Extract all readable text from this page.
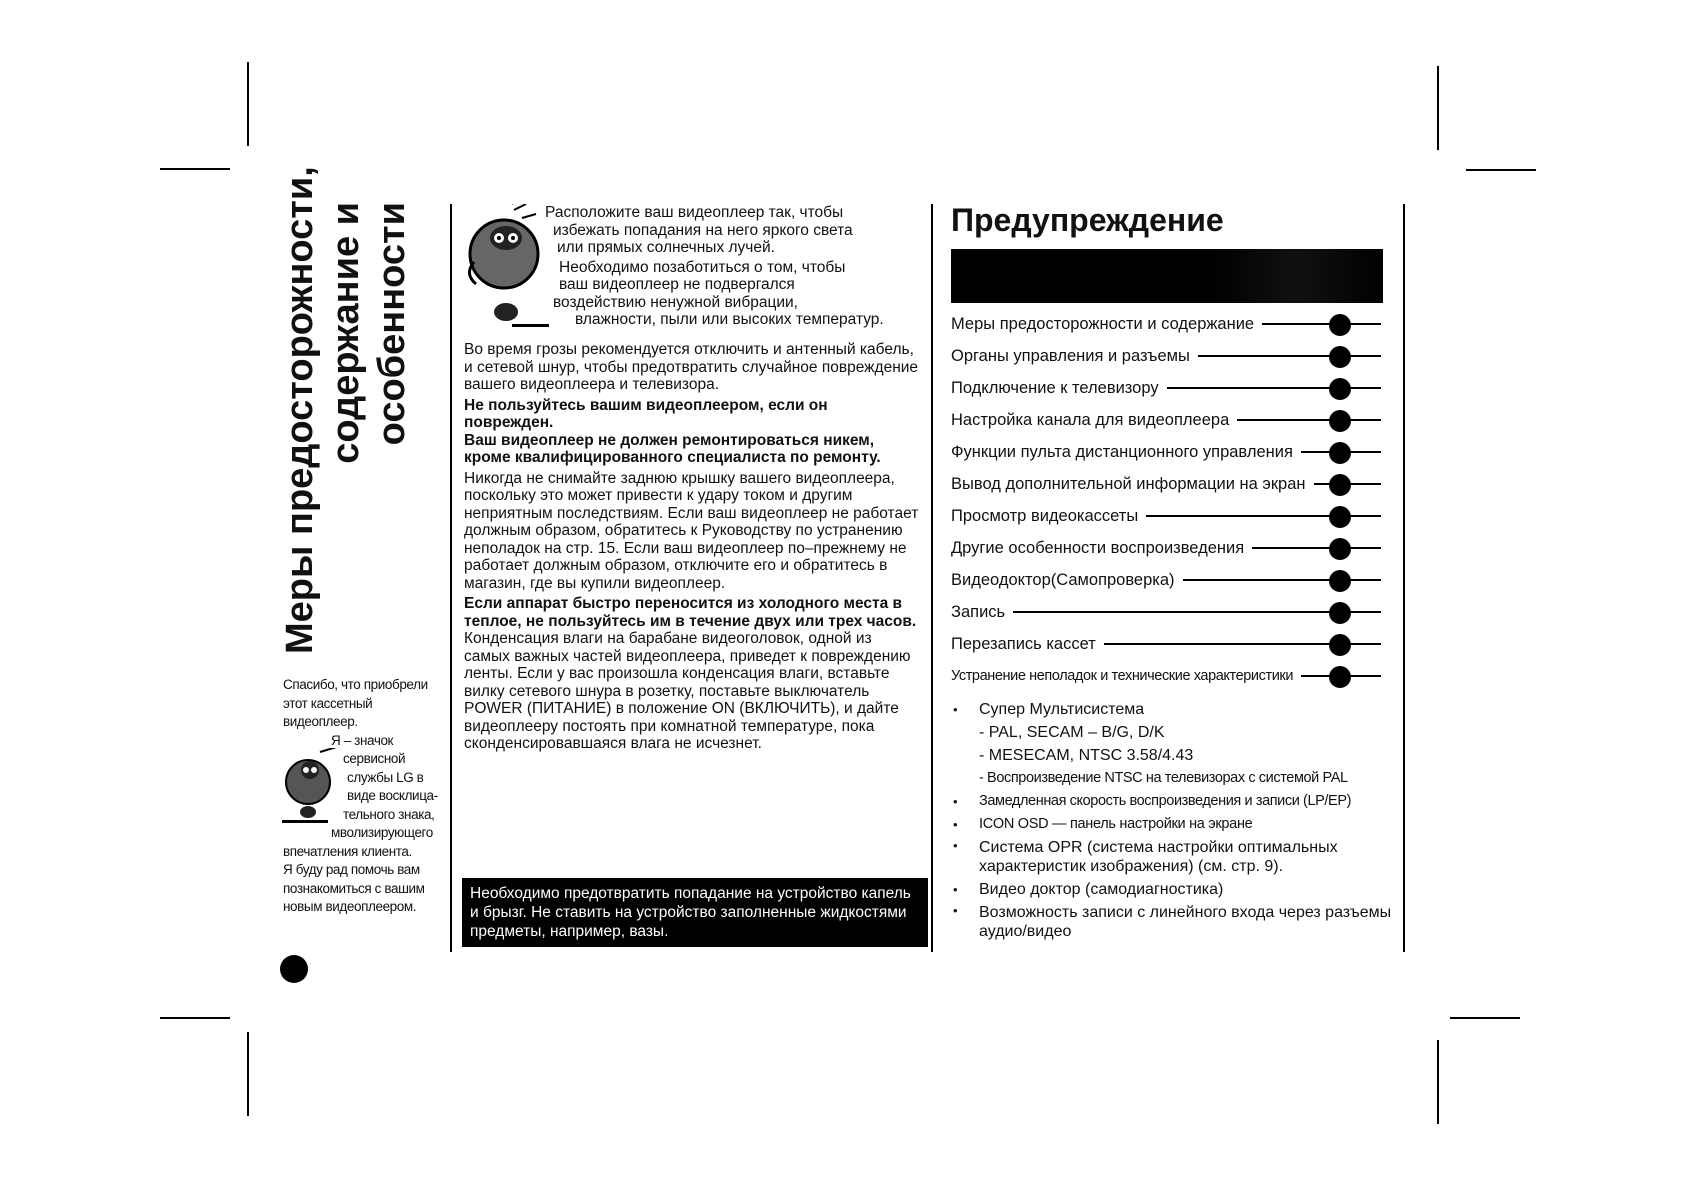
Меры предосторожности, содержание и особенности
Спасибо, что приобрели
этот кассетный
видеоплеер.
Я – значок
сервисной
службы LG в
виде восклица-
тельного знака,
мволизирующего
впечатления клиента.
Я буду рад помочь вам
познакомиться с вашим
новым видеоплеером.
Расположите ваш видеоплеер так, чтобы
избежать попадания на него яркого света
или прямых солнечных лучей.
Необходимо позаботиться о том, чтобы
ваш видеоплеер не подвергался
воздействию ненужной вибрации,
влажности, пыли или высоких температур.

Во время грозы рекомендуется отключить и антенный кабель, и сетевой шнур, чтобы предотвратить случайное повреждение вашего видеоплеера и телевизора.

Не пользуйтесь вашим видеоплеером, если он поврежден.

Ваш видеоплеер не должен ремонтироваться никем, кроме квалифицированного специалиста по ремонту.

Никогда не снимайте заднюю крышку вашего видеоплеера, поскольку это может привести к удару током и другим неприятным последствиям. Если ваш видеоплеер не работает должным образом, обратитесь к Руководству по устранению неполадок на стр. 15. Если ваш видеоплеер по–прежнему не работает должным образом, отключите его и обратитесь в магазин, где вы купили видеоплеер.

Если аппарат быстро переносится из холодного места в теплое, не пользуйтесь им в течение двух или трех часов.

Конденсация влаги на барабане видеоголовок, одной из самых важных частей видеоплеера, приведет к повреждению ленты. Если у вас произошла конденсация влаги, вставьте вилку сетевого шнура в розетку, поставьте выключатель POWER (ПИТАНИЕ) в положение ON (ВКЛЮЧИТЬ), и дайте видеоплееру постоять при комнатной температуре, пока сконденсировавшаяся влага не исчезнет.

Необходимо предотвратить попадание на устройство капель и брызг. Не ставить на устройство заполненные жидкостями предметы, например, вазы.
Предупреждение
Меры предосторожности и содержание
Органы управления и разъемы
Подключение к телевизору
Настройка канала для видеоплеера
Функции пульта дистанционного управления
Вывод дополнительной информации на экран
Просмотр видеокассеты
Другие особенности воспроизведения
Видеодоктор(Самопроверка)
Запись
Перезапись кассет
Устранение неполадок и технические характеристики
• Супер Мультисистема
- PAL, SECAM – B/G, D/K
- MESECAM, NTSC 3.58/4.43
- Воспроизведение NTSC на телевизорах с системой PAL
• Замедленная скорость воспроизведения и записи (LP/EP)
• ICON OSD — панель настройки на экране
• Система OPR (система настройки оптимальных характеристик изображения) (см. стр. 9).
• Видео доктор (самодиагностика)
• Возможность записи с линейного входа через разъемы аудио/видео
